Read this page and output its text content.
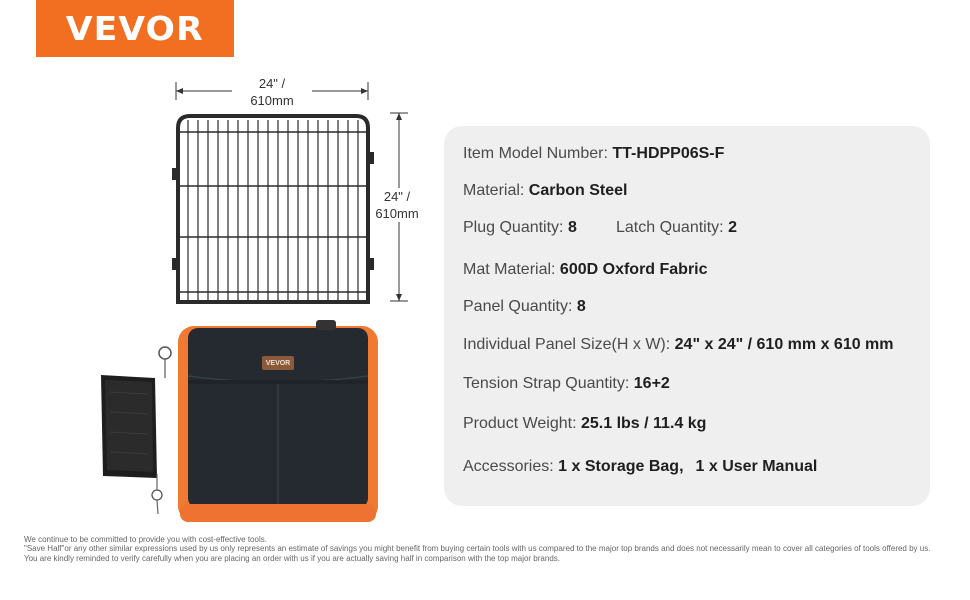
VEVOR
24" /
610mm
24" /
610mm
VEVOR
Item Model Number: TT-HDPP06S-F
Material: Carbon Steel
Plug Quantity: 8 Latch Quantity: 2
Mat Material: 600D Oxford Fabric
Panel Quantity: 8
Individual Panel Size(H x W): 24" x 24" / 610 mm x 610 mm
Tension Strap Quantity: 16+2
Product Weight: 25.1 lbs / 11.4 kg
Accessories: 1 x Storage Bag, 1 x User Manual
We continue to be committed to provide you with cost-effective tools.
"Save Half"or any other similar expressions used by us only represents an estimate of savings you might benefit from buying certain tools with us compared to the major top brands and does not necessarily mean to cover all categories of tools offered by us.
You are kindly reminded to verify carefully when you are placing an order with us if you are actually saving half in comparison with the top major brands.
